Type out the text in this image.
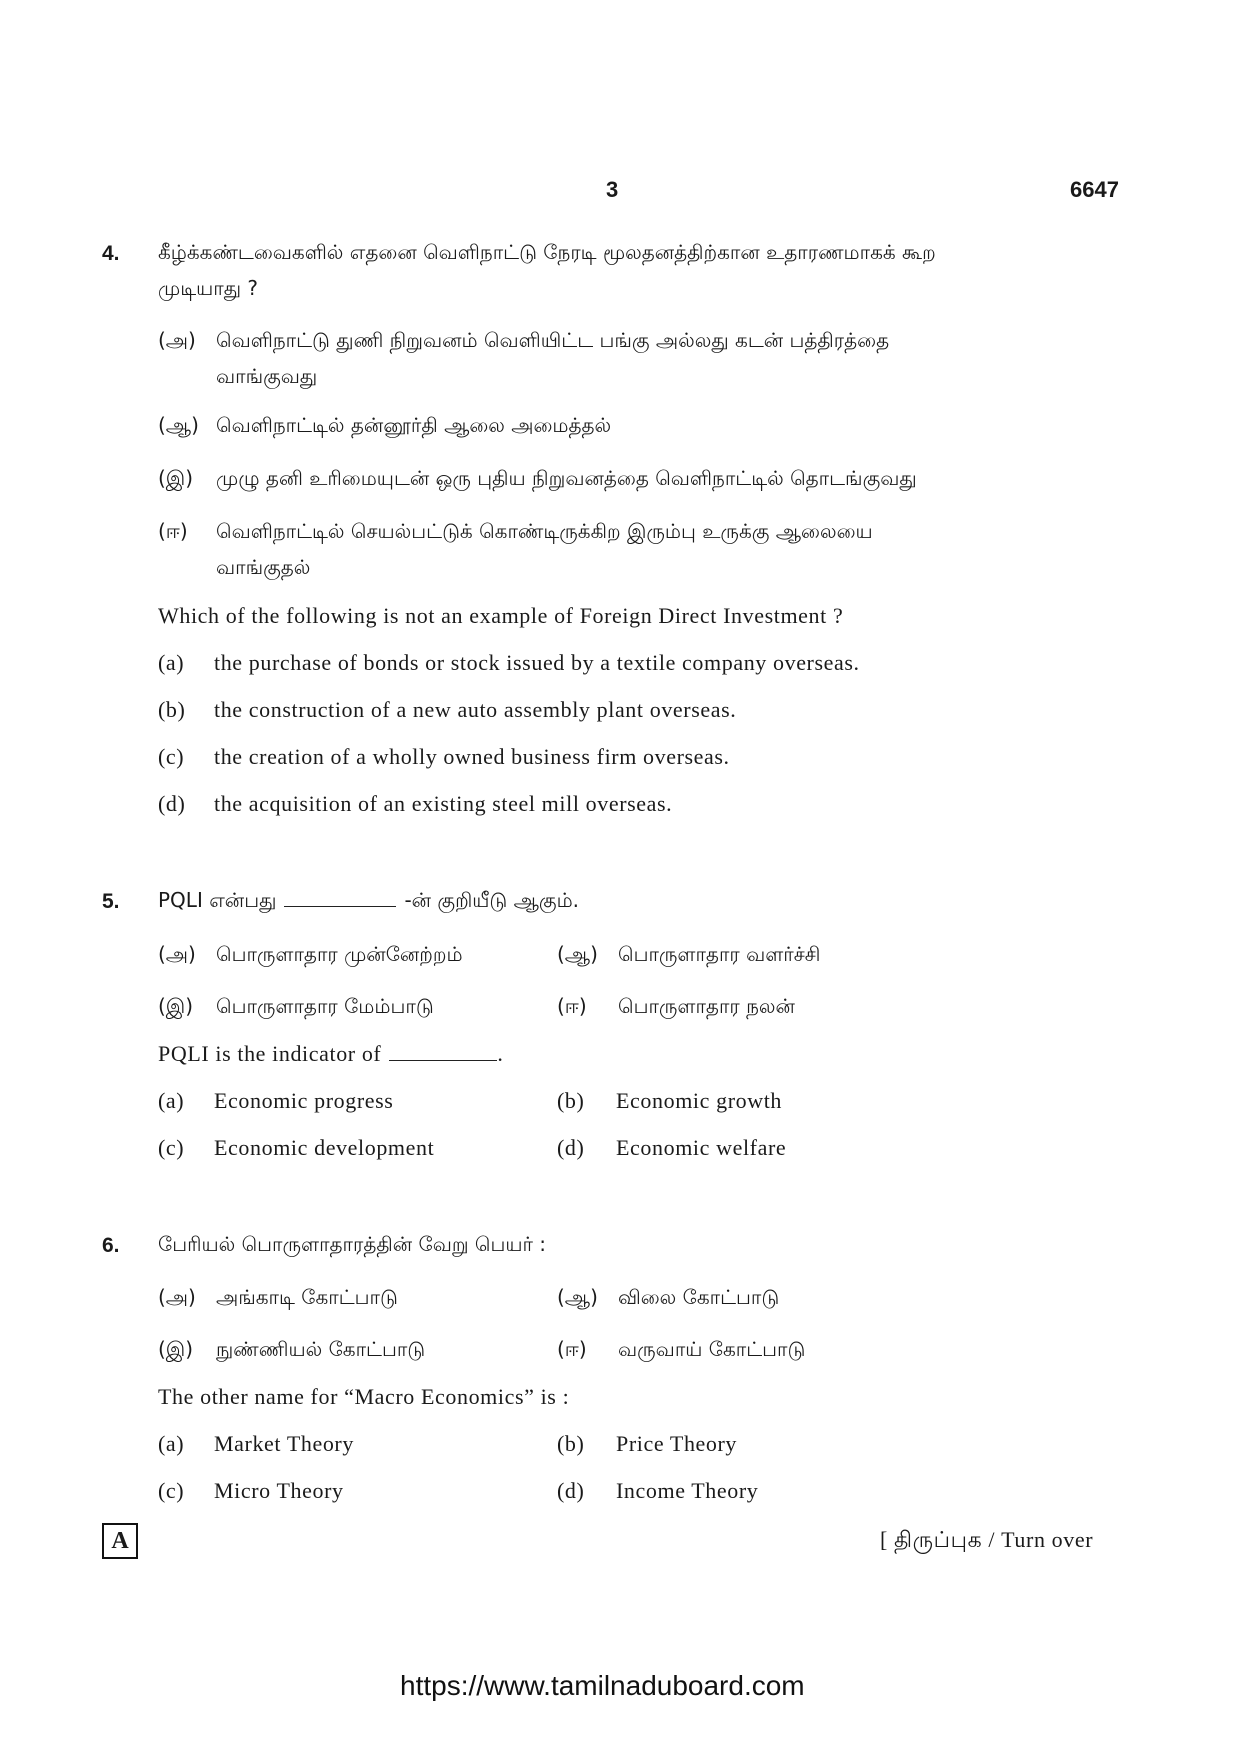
3	6647
4. கீழ்க்கண்டவைகளில் எதனை வெளிநாட்டு நேரடி மூலதனத்திற்கான உதாரணமாகக் கூற
முடியாது ?
(அ) வெளிநாட்டு துணி நிறுவனம் வெளியிட்ட பங்கு அல்லது கடன் பத்திரத்தை
வாங்குவது
(ஆ) வெளிநாட்டில் தன்னூர்தி ஆலை அமைத்தல்
(இ) முழு தனி உரிமையுடன் ஒரு புதிய நிறுவனத்தை வெளிநாட்டில் தொடங்குவது
(ஈ) வெளிநாட்டில் செயல்பட்டுக் கொண்டிருக்கிற இரும்பு உருக்கு ஆலையை
வாங்குதல்
Which of the following is not an example of Foreign Direct Investment ?
(a) the purchase of bonds or stock issued by a textile company overseas.
(b) the construction of a new auto assembly plant overseas.
(c) the creation of a wholly owned business firm overseas.
(d) the acquisition of an existing steel mill overseas.
5. PQLI என்பது	-ன் குறியீடு ஆகும்.
(அ) பொருளாதார முன்னேற்றம்	(ஆ) பொருளாதார வளர்ச்சி
(இ) பொருளாதார மேம்பாடு	(ஈ) பொருளாதார நலன்
PQLI is the indicator of	.
(a) Economic progress	(b) Economic growth
(c) Economic development	(d) Economic welfare
6. பேரியல் பொருளாதாரத்தின் வேறு பெயர் :
(அ) அங்காடி கோட்பாடு	(ஆ) விலை கோட்பாடு
(இ) நுண்ணியல் கோட்பாடு	(ஈ) வருவாய் கோட்பாடு
The other name for “Macro Economics” is :
(a) Market Theory	(b) Price Theory
(c) Micro Theory	(d) Income Theory
A	[ திருப்புக / Turn over
https://www.tamilnaduboard.com
